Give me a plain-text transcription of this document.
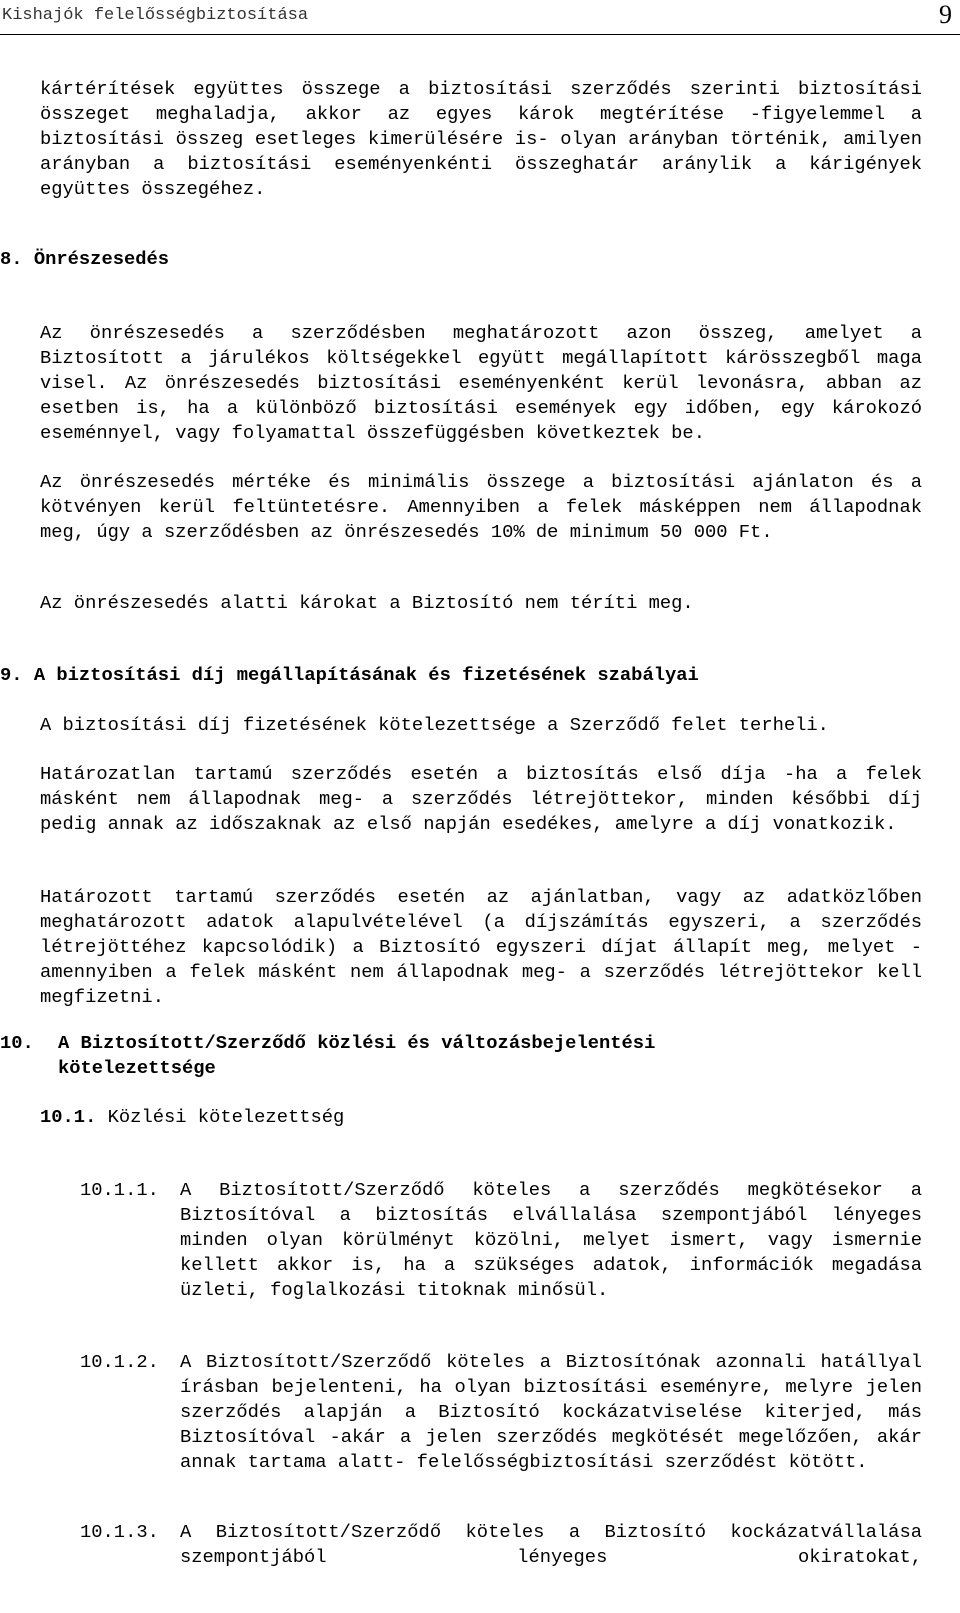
Kishajók felelősségbiztosítása	9

kártérítések együttes összege a biztosítási szerződés szerinti biztosítási összeget meghaladja, akkor az egyes károk megtérítése -figyelemmel a biztosítási összeg esetleges kimerülésére is- olyan arányban történik, amilyen arányban a biztosítási eseményenkénti összeghatár aránylik a kárigények együttes összegéhez.

8. Önrészesedés

Az önrészesedés a szerződésben meghatározott azon összeg, amelyet a Biztosított a járulékos költségekkel együtt megállapított kárösszegből maga visel. Az önrészesedés biztosítási eseményenként kerül levonásra, abban az esetben is, ha a különböző biztosítási események egy időben, egy károkozó eseménnyel, vagy folyamattal összefüggésben következtek be.

Az önrészesedés mértéke és minimális összege a biztosítási ajánlaton és a kötvényen kerül feltüntetésre. Amennyiben a felek másképpen nem állapodnak meg, úgy a szerződésben az önrészesedés 10% de minimum 50 000 Ft.

Az önrészesedés alatti károkat a Biztosító nem téríti meg.

9. A biztosítási díj megállapításának és fizetésének szabályai

A biztosítási díj fizetésének kötelezettsége a Szerződő felet terheli.

Határozatlan tartamú szerződés esetén a biztosítás első díja -ha a felek másként nem állapodnak meg- a szerződés létrejöttekor, minden későbbi díj pedig annak az időszaknak az első napján esedékes, amelyre a díj vonatkozik.

Határozott tartamú szerződés esetén az ajánlatban, vagy az adatközlőben meghatározott adatok alapulvételével (a díjszámítás egyszeri, a szerződés létrejöttéhez kapcsolódik) a Biztosító egyszeri díjat állapít meg, melyet -amennyiben a felek másként nem állapodnak meg- a szerződés létrejöttekor kell megfizetni.

10. A Biztosított/Szerződő közlési és változásbejelentési
kötelezettsége
10.1. Közlési kötelezettség
10.1.1. A Biztosított/Szerződő köteles a szerződés megkötésekor a Biztosítóval a biztosítás elvállalása szempontjából lényeges minden olyan körülményt közölni, melyet ismert, vagy ismernie kellett akkor is, ha a szükséges adatok, információk megadása üzleti, foglalkozási titoknak minősül.

10.1.2. A Biztosított/Szerződő köteles a Biztosítónak azonnali hatállyal írásban bejelenteni, ha olyan biztosítási eseményre, melyre jelen szerződés alapján a Biztosító kockázatviselése kiterjed, más Biztosítóval -akár a jelen szerződés megkötését megelőzően, akár annak tartama alatt- felelősségbiztosítási szerződést kötött.

10.1.3. A Biztosított/Szerződő köteles a Biztosító kockázatvállalása szempontjából lényeges okiratokat,
